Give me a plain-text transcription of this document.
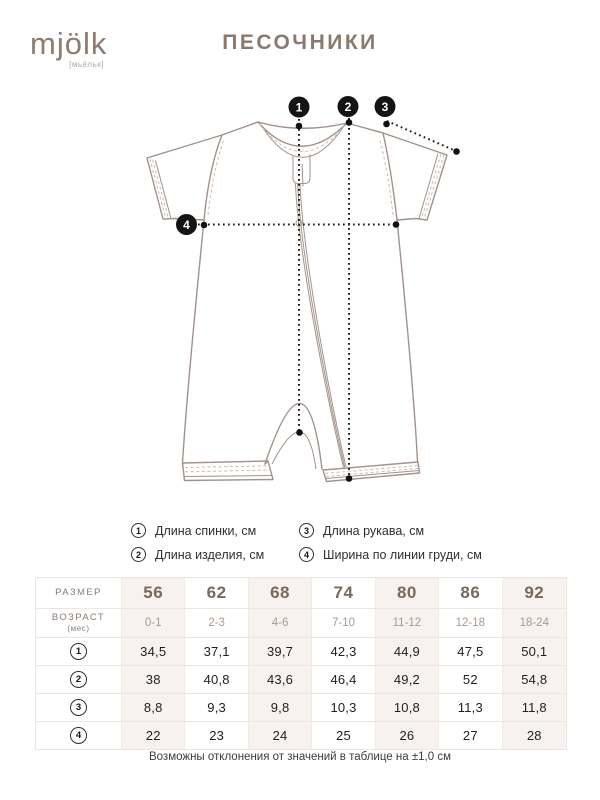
mjölk
[мьёльк]
ПЕСОЧНИКИ
1	2	3
4
1	Длина спинки, см
2	Длина изделия, см
3	Длина рукава, см
4	Ширина по линии груди, см
РАЗМЕР 56	62	68	74	80	86	92
ВОЗРАСТ
(мес)	0-1	2-3	4-6	7-10	11-12	12-18	18-24
1	34,5	37,1	39,7	42,3	44,9	47,5	50,1
2	38	40,8	43,6	46,4	49,2	52	54,8
3	8,8	9,3	9,8	10,3	10,8	11,3	11,8
4	22	23	24	25	26	27	28
Возможны отклонения от значений в таблице на ±1,0 см
